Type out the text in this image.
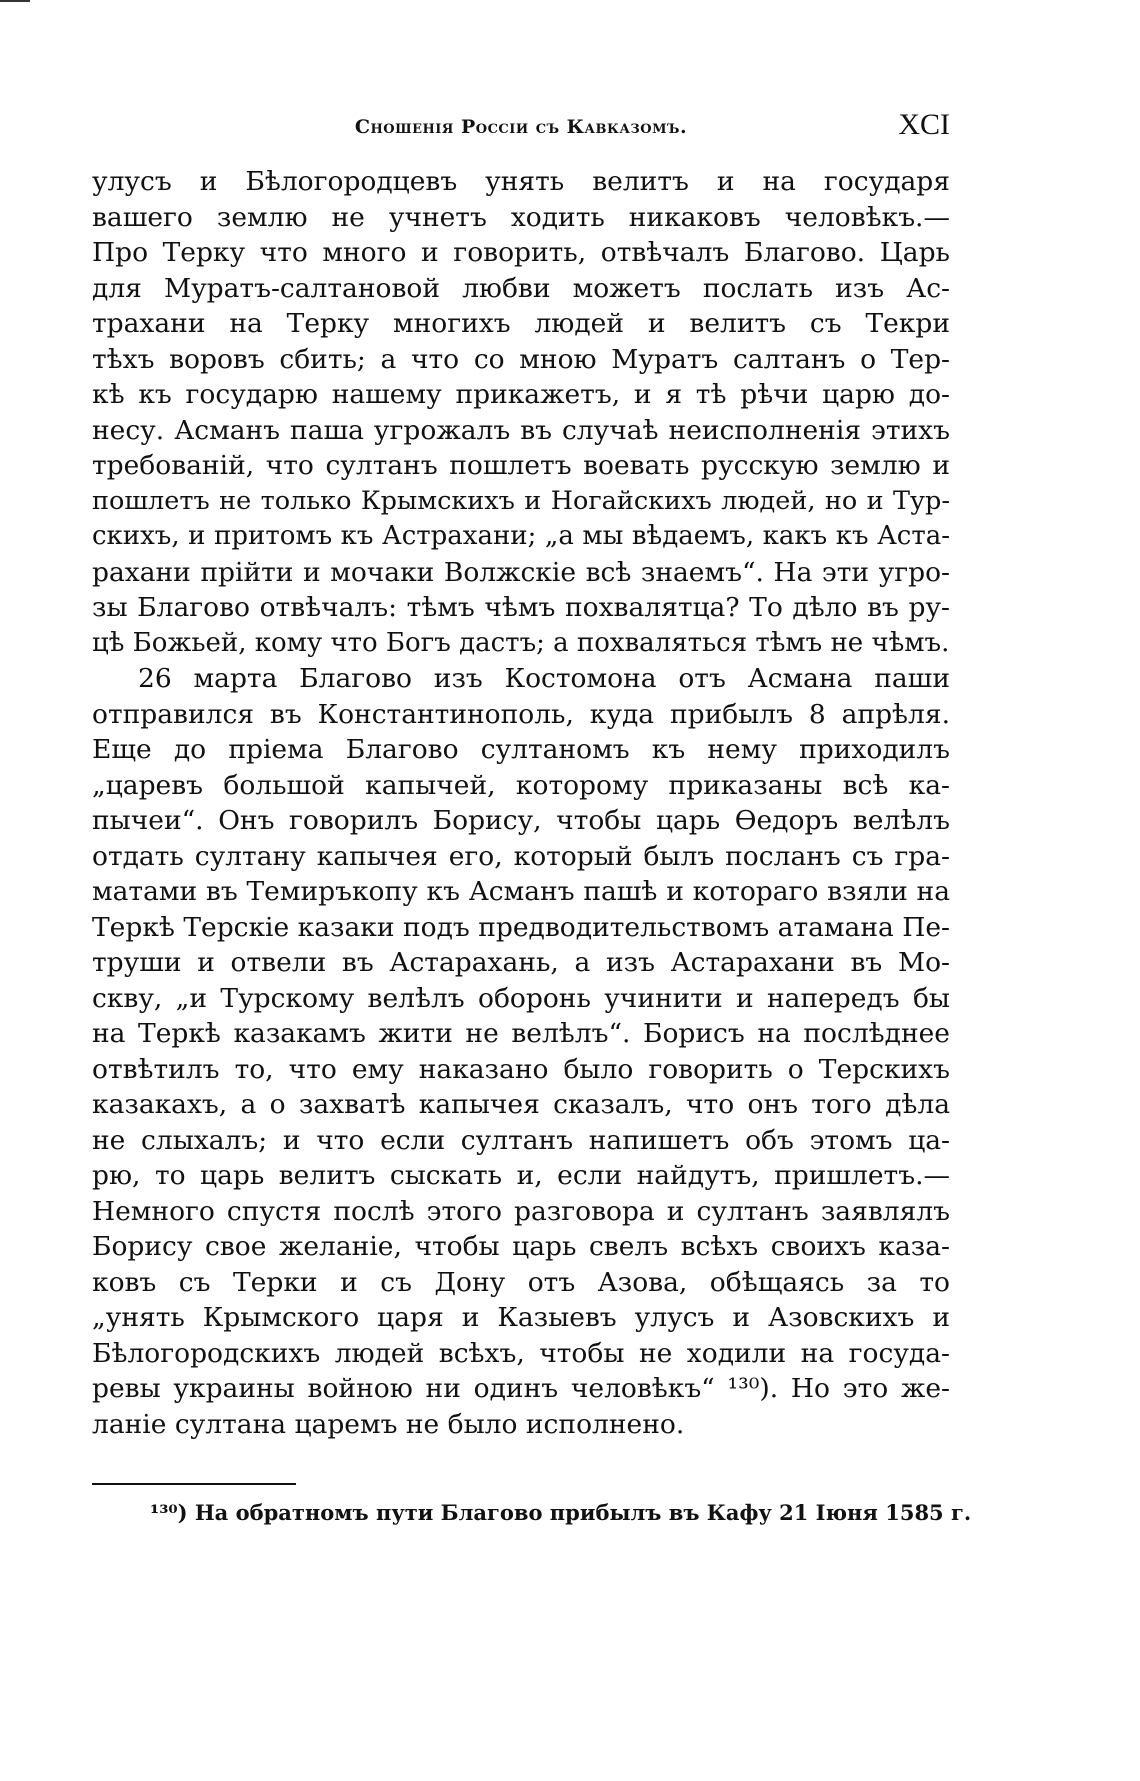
Сношенія Россіи съ Кавказомъ.	XCI
улусъ и Бѣлогородцевъ унять велитъ и на государя
вашего землю не учнетъ ходить никаковъ человѣкъ.—
Про Терку что много и говорить, отвѣчалъ Благово. Царь
для Муратъ-салтановой любви можетъ послать изъ Ас-
трахани на Терку многихъ людей и велитъ съ Текри
тѣхъ воровъ сбить; а что со мною Муратъ салтанъ о Тер-
кѣ къ государю нашему прикажетъ, и я тѣ рѣчи царю до-
несу. Асманъ паша угрожалъ въ случаѣ неисполненія этихъ
требованій, что султанъ пошлетъ воевать русскую землю и
пошлетъ не только Крымскихъ и Ногайскихъ людей, но и Тур-
скихъ, и притомъ къ Астрахани; „а мы вѣдаемъ, какъ къ Аста-
рахани прійти и мочаки Волжскіе всѣ знаемъ“. На эти угро-
зы Благово отвѣчалъ: тѣмъ чѣмъ похвалятца? То дѣло въ ру-
цѣ Божьей, кому что Богъ дастъ; а похваляться тѣмъ не чѣмъ.
26 марта Благово изъ Костомона отъ Асмана паши
отправился въ Константинополь, куда прибылъ 8 апрѣля.
Еще до пріема Благово султаномъ къ нему приходилъ
„царевъ большой капычей, которому приказаны всѣ ка-
пычеи“. Онъ говорилъ Борису, чтобы царь Ѳедоръ велѣлъ
отдать султану капычея его, который былъ посланъ съ гра-
матами въ Темиръкопу къ Асманъ пашѣ и котораго взяли на
Теркѣ Терскіе казаки подъ предводительствомъ атамана Пе-
труши и отвели въ Астарахань, а изъ Астарахани въ Мо-
скву, „и Турскому велѣлъ оборонь учинити и напередъ бы
на Теркѣ казакамъ жити не велѣлъ“. Борисъ на послѣднее
отвѣтилъ то, что ему наказано было говорить о Терскихъ
казакахъ, а о захватѣ капычея сказалъ, что онъ того дѣла
не слыхалъ; и что если султанъ напишетъ объ этомъ ца-
рю, то царь велитъ сыскать и, если найдутъ, пришлетъ.—
Немного спустя послѣ этого разговора и султанъ заявлялъ
Борису свое желаніе, чтобы царь свелъ всѣхъ своихъ каза-
ковъ съ Терки и съ Дону отъ Азова, обѣщаясь за то
„унять Крымского царя и Казыевъ улусъ и Азовскихъ и
Бѣлогородскихъ людей всѣхъ, чтобы не ходили на госуда-
ревы украины войною ни одинъ человѣкъ“ ¹³⁰). Но это же-
ланіе султана царемъ не было исполнено.
¹³⁰) На обратномъ пути Благово прибылъ въ Кафу 21 Іюня 1585 г.
